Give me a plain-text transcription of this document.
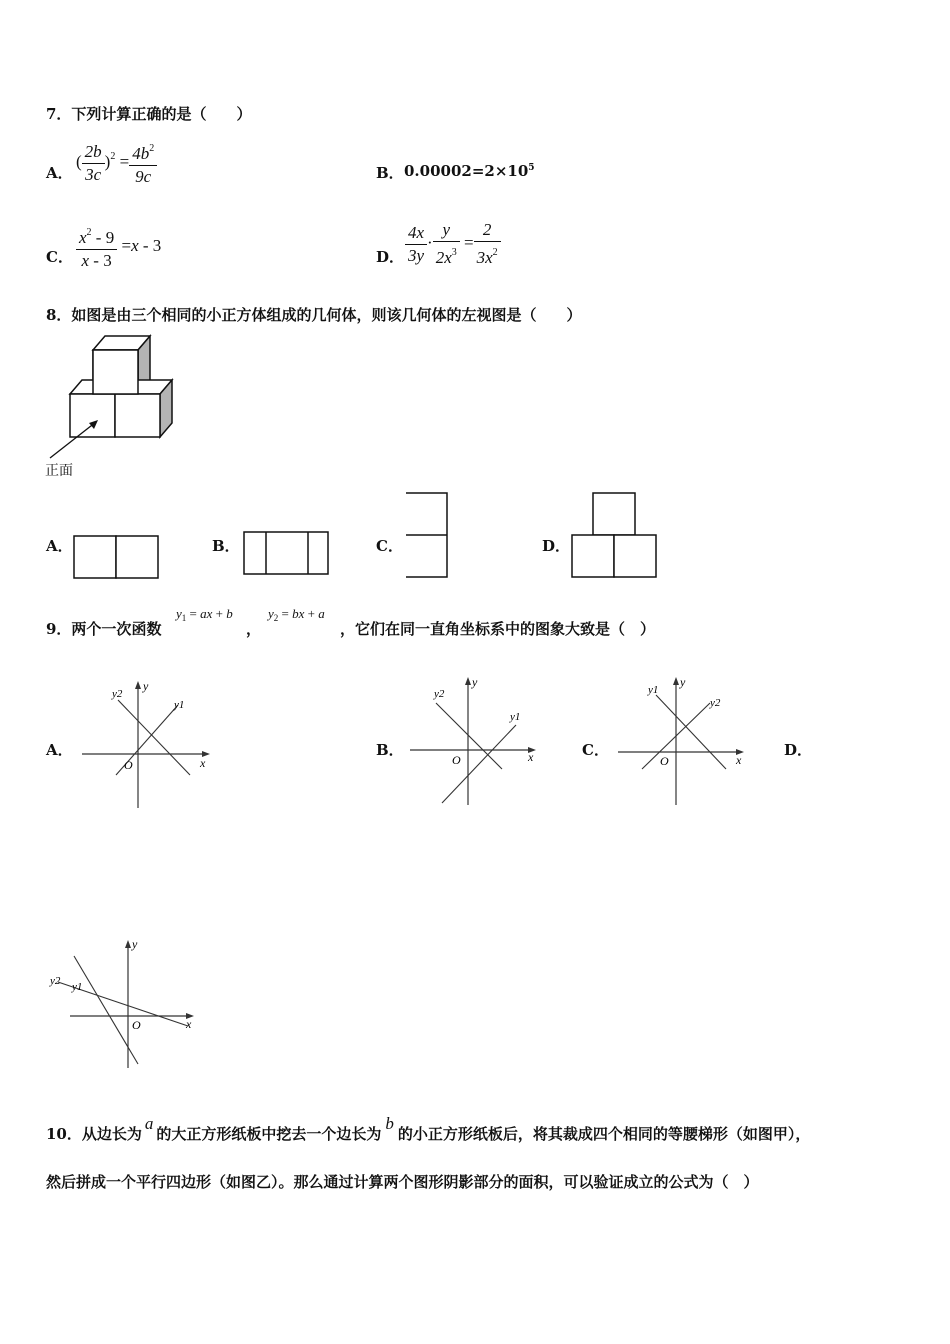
7．下列计算正确的是（　　）
A．
( $\frac{2b}{3c} )^2 = \frac{4b^2}{9c}$	B． $0.00002=2\times 10^5$
C． $\frac{x^2 - 9}{x - 3} =x - 3$
D． $\frac{4x}{3y} \cdot \frac{y}{2x^3} = \frac{2}{3x^2}$
8．如图是由三个相同的小正方体组成的几何体，则该几何体的左视图是（　　）
正面
A．	B．	C．	D．
9．两个一次函数
$y_1$ = ax + b
，
$y_2$ = bx + a
，它们在同一直角坐标系中的图象大致是（　）
A．
x
y
O
y2
y1
B．	x
y
O
y2
y1
C．
x
y
O
y1
y2
D．
x
y
O
y1
y2
10．从边长为a的大正方形纸板中挖去一个边长为b的小正方形纸板后，将其裁成四个相同的等腰梯形（如图甲），
然后拼成一个平行四边形（如图乙）。那么通过计算两个图形阴影部分的面积，可以验证成立的公式为（　）
